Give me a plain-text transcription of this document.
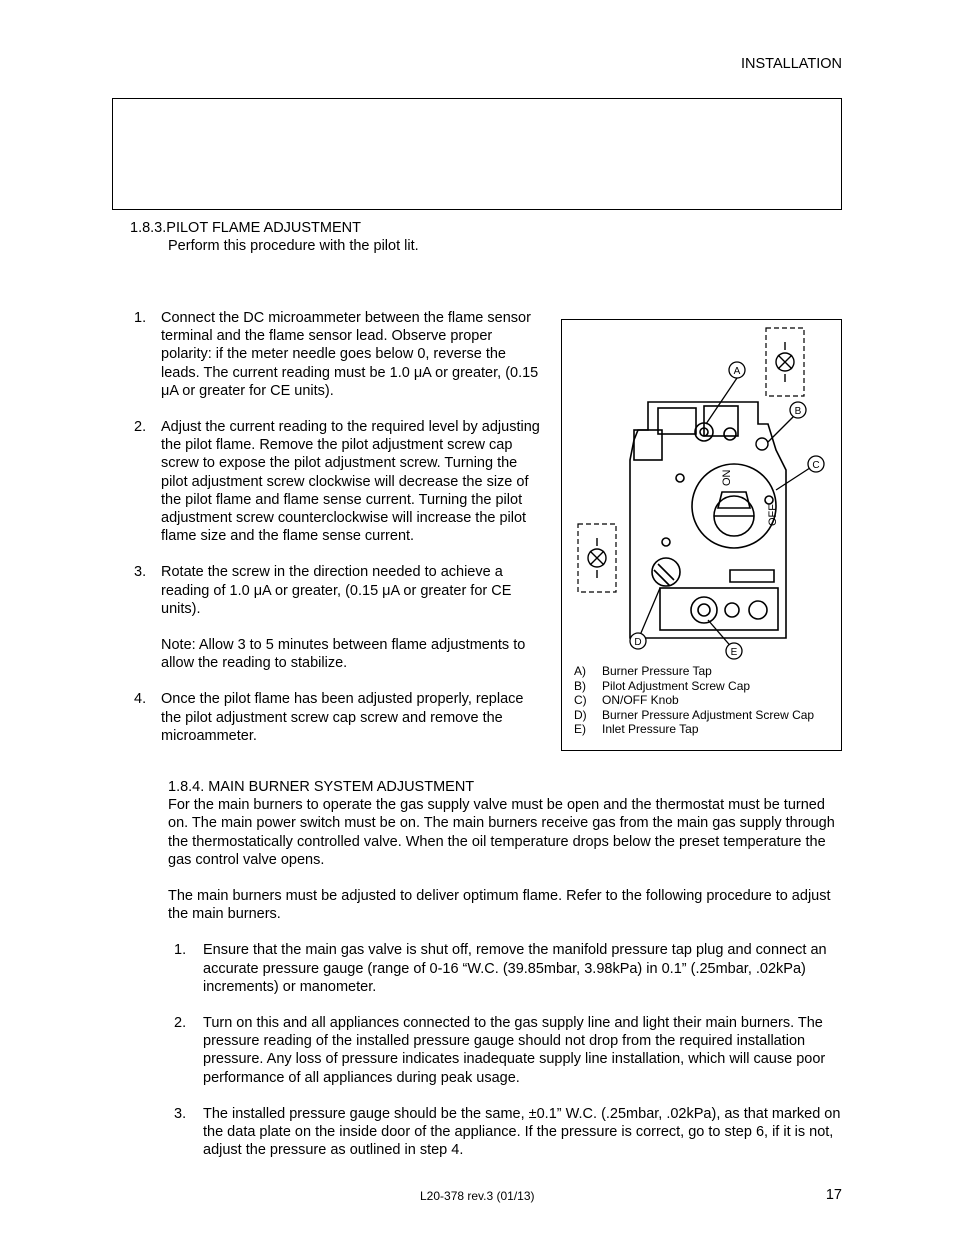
INSTALLATION
1.8.3.PILOT FLAME ADJUSTMENT
Perform this procedure with the pilot lit.
1.	Connect the DC microammeter between the flame sensor terminal and the flame sensor lead. Observe proper polarity: if the meter needle goes below 0, reverse the leads. The current reading must be 1.0 μA or greater, (0.15 μA or greater for CE units).
2.	Adjust the current reading to the required level by adjusting the pilot flame. Remove the pilot adjustment screw cap screw to expose the pilot adjustment screw. Turning the pilot adjustment screw clockwise will decrease the size of the pilot flame and flame sense current. Turning the pilot adjustment screw counterclockwise will increase the pilot flame size and the flame sense current.
3.	Rotate the screw in the direction needed to achieve a reading of 1.0 μA or greater, (0.15 μA or greater for CE units).
Note: Allow 3 to 5 minutes between flame adjustments to allow the reading to stabilize.
4.	Once the pilot flame has been adjusted properly, replace the pilot adjustment screw cap screw and remove the microammeter.
A
B
C
D
E
ON
OFF
A)	Burner Pressure Tap
B)	Pilot Adjustment Screw Cap
C)	ON/OFF Knob
D)	Burner Pressure Adjustment Screw Cap
E)	Inlet Pressure Tap
1.8.4. MAIN BURNER SYSTEM ADJUSTMENT
For the main burners to operate the gas supply valve must be open and the thermostat must be turned on. The main power switch must be on. The main burners receive gas from the main gas supply through the thermostatically controlled valve. When the oil temperature drops below the preset temperature the gas control valve opens.
The main burners must be adjusted to deliver optimum flame. Refer to the following procedure to adjust the main burners.
1.	Ensure that the main gas valve is shut off, remove the manifold pressure tap plug and connect an accurate pressure gauge (range of 0-16 “W.C. (39.85mbar, 3.98kPa) in 0.1” (.25mbar, .02kPa) increments) or manometer.
2.	Turn on this and all appliances connected to the gas supply line and light their main burners. The pressure reading of the installed pressure gauge should not drop from the required installation pressure. Any loss of pressure indicates inadequate supply line installation, which will cause poor performance of all appliances during peak usage.
3.	The installed pressure gauge should be the same, ±0.1” W.C. (.25mbar, .02kPa), as that marked on the data plate on the inside door of the appliance. If the pressure is correct, go to step 6, if it is not, adjust the pressure as outlined in step 4.
L20-378 rev.3 (01/13)	17
